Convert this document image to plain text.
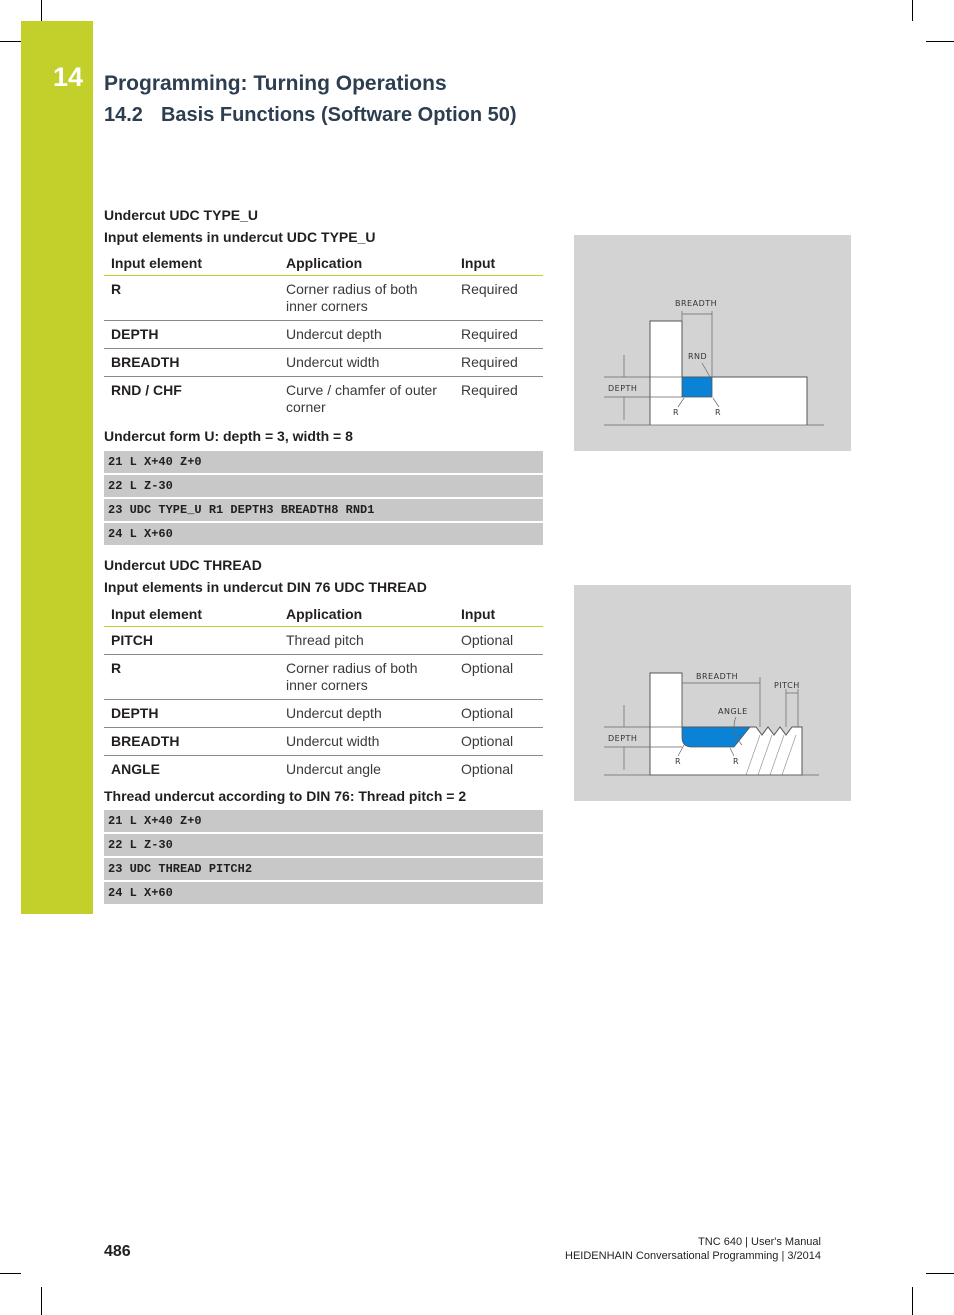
14 Programming: Turning Operations
14.2 Basis Functions (Software Option 50)
Undercut UDC TYPE_U
Input elements in undercut UDC TYPE_U
Input element	Application	Input
R	Corner radius of both inner corners	Required
DEPTH	Undercut depth	Required
BREADTH	Undercut width	Required
RND / CHF	Curve / chamfer of outer corner	Required
Undercut form U: depth = 3, width = 8
21 L X+40 Z+0
22 L Z-30
23 UDC TYPE_U R1 DEPTH3 BREADTH8 RND1
24 L X+60
BREADTH
RND
DEPTH
R	R
Undercut UDC THREAD
Input elements in undercut DIN 76 UDC THREAD
Input element	Application	Input
PITCH	Thread pitch	Optional
R	Corner radius of both inner corners	Optional
DEPTH	Undercut depth	Optional
BREADTH	Undercut width	Optional
ANGLE	Undercut angle	Optional
Thread undercut according to DIN 76: Thread pitch = 2
21 L X+40 Z+0
22 L Z-30
23 UDC THREAD PITCH2
24 L X+60
BREADTH
PITCH
ANGLE
DEPTH
R	R
486
TNC 640 | User's Manual
HEIDENHAIN Conversational Programming | 3/2014
